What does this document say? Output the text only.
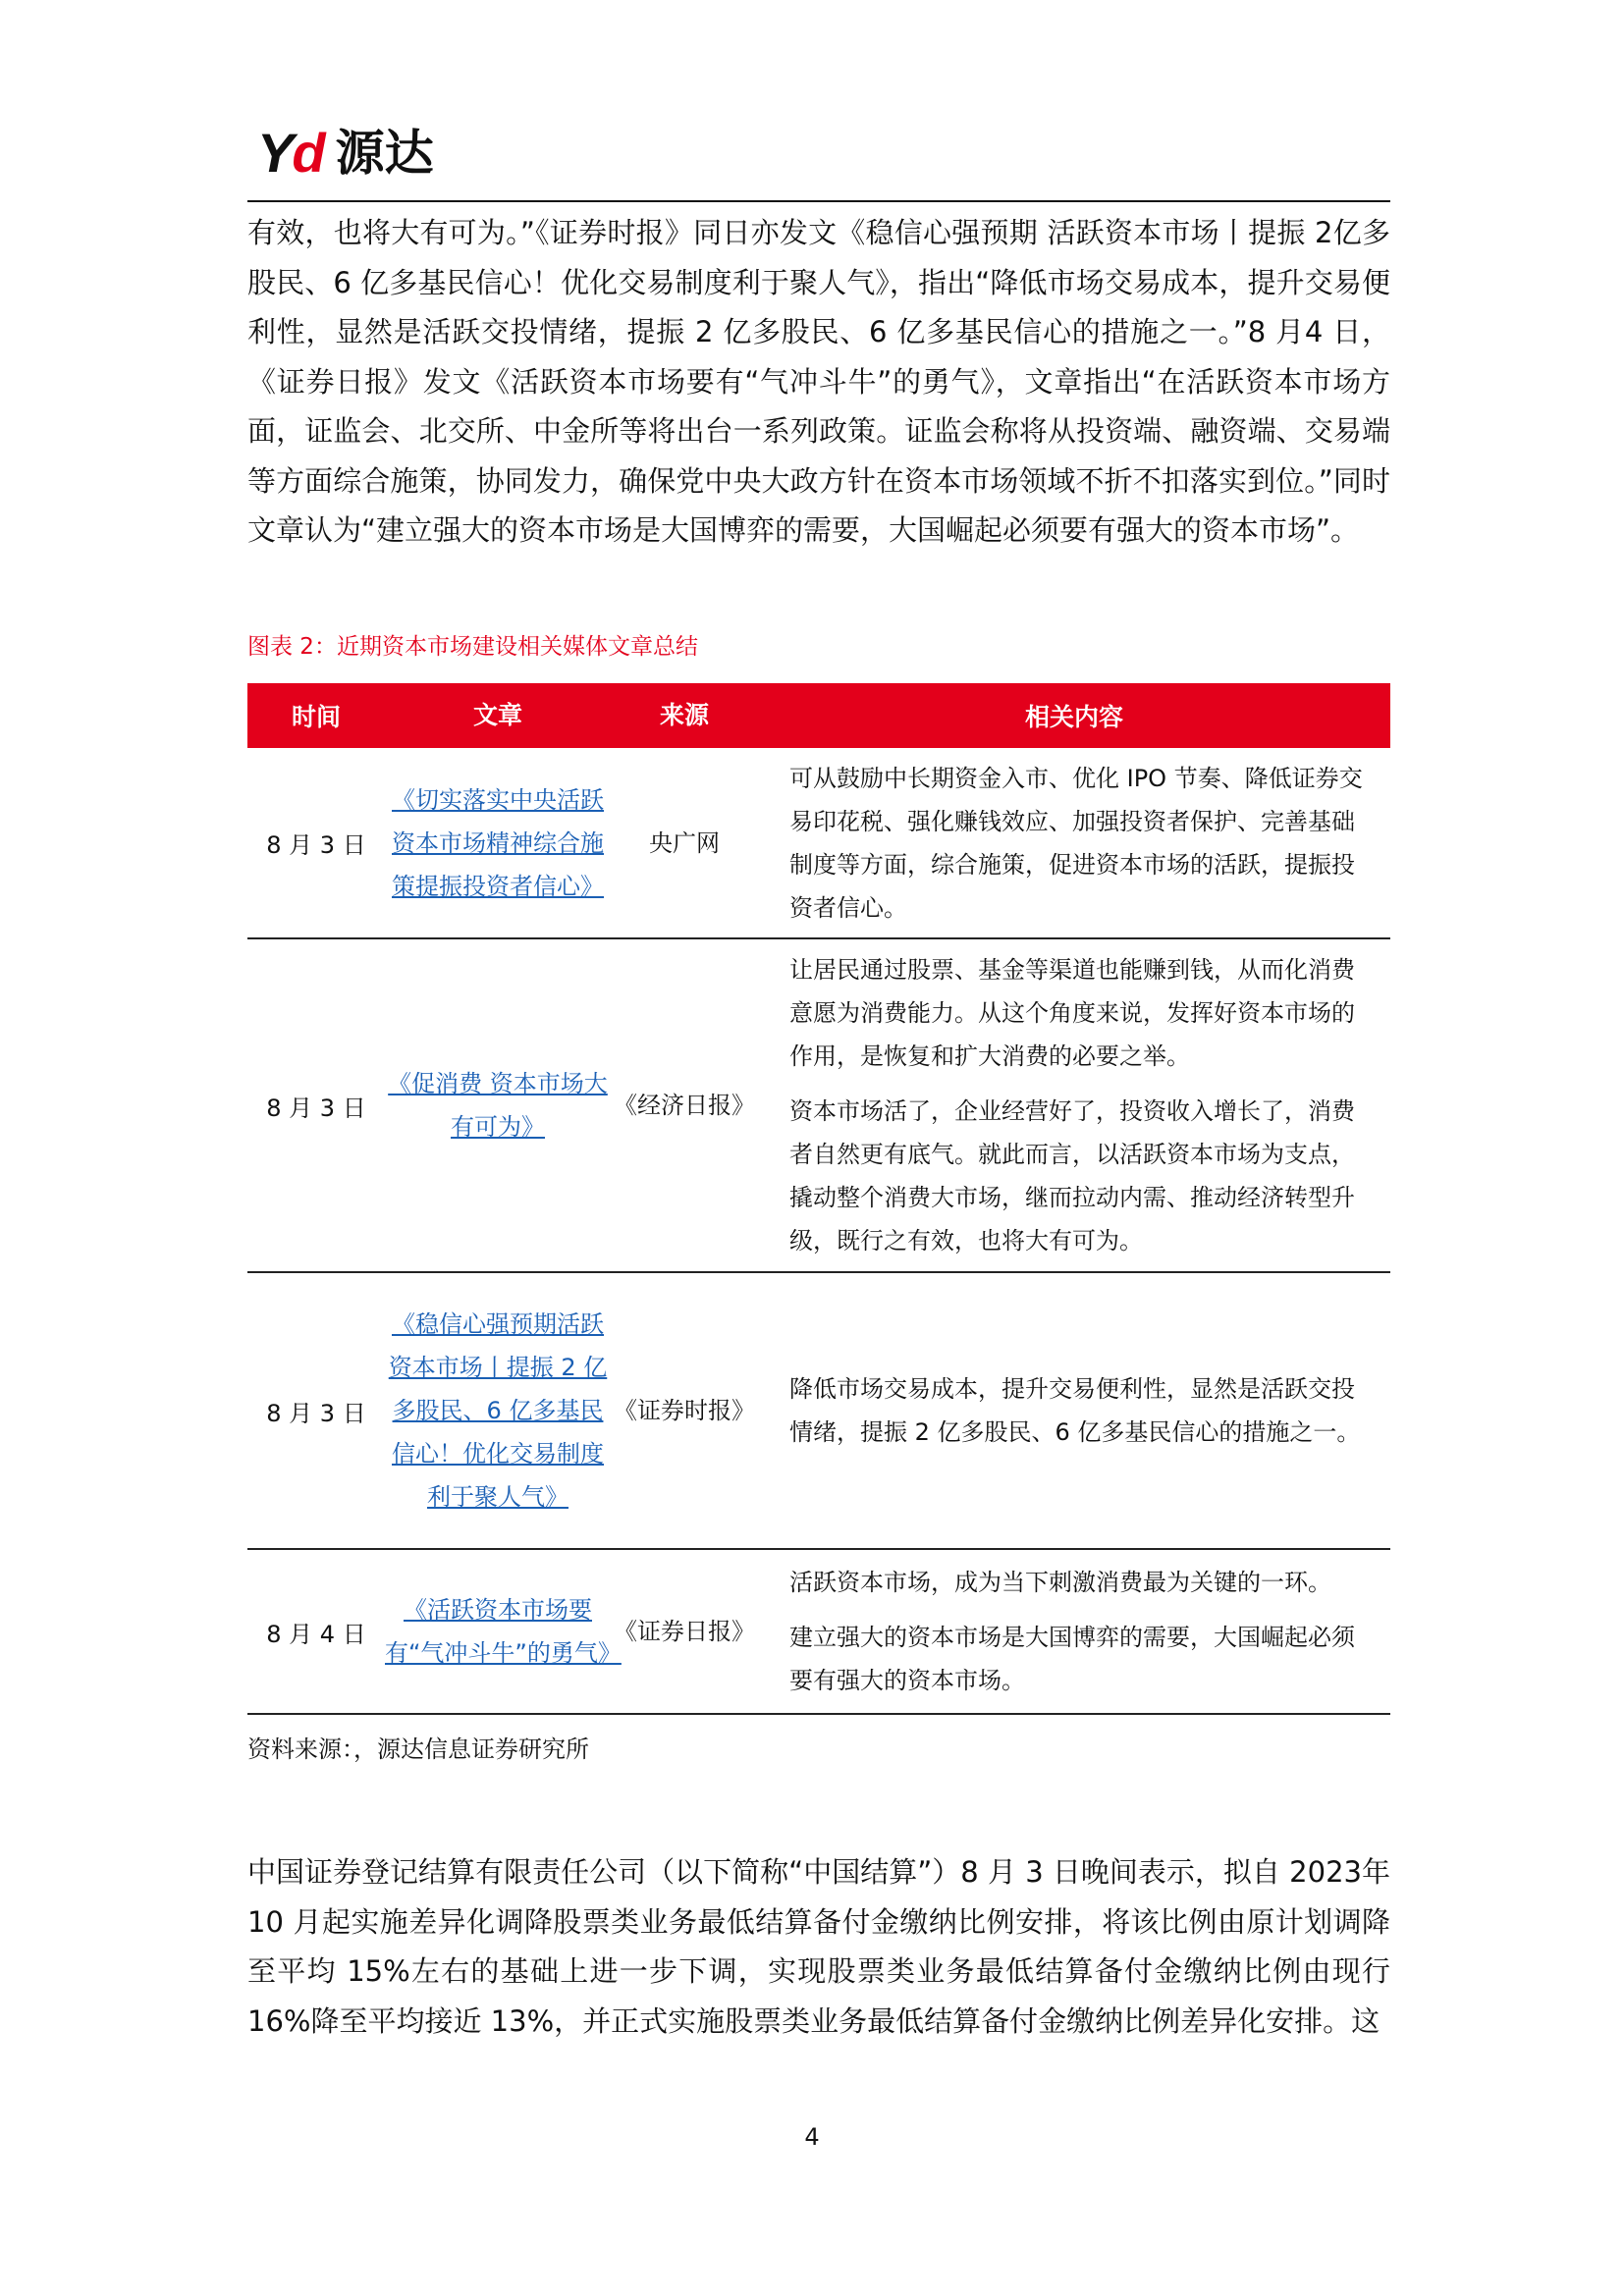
Yd 源达

有效，也将大有可为。”《证券时报》同日亦发文《稳信心强预期 活跃资本市场丨提振 2亿多股民、6 亿多基民信心！优化交易制度利于聚人气》，指出“降低市场交易成本，提升交易便利性，显然是活跃交投情绪，提振 2 亿多股民、6 亿多基民信心的措施之一。”8 月4 日，《证券日报》发文《活跃资本市场要有“气冲斗牛”的勇气》，文章指出“在活跃资本市场方面，证监会、北交所、中金所等将出台一系列政策。证监会称将从投资端、融资端、交易端等方面综合施策，协同发力，确保党中央大政方针在资本市场领域不折不扣落实到位。”同时文章认为“建立强大的资本市场是大国博弈的需要，大国崛起必须要有强大的资本市场”。

图表 2：近期资本市场建设相关媒体文章总结
时间	文章	来源	相关内容
8 月 3 日	《切实落实中央活跃资本市场精神综合施策提振投资者信心》	央广网	可从鼓励中长期资金入市、优化 IPO 节奏、降低证券交易印花税、强化赚钱效应、加强投资者保护、完善基础制度等方面，综合施策，促进资本市场的活跃，提振投资者信心。

8 月 3 日	《促消费 资本市场大有可为》	《经济日报》	让居民通过股票、基金等渠道也能赚到钱，从而化消费意愿为消费能力。从这个角度来说，发挥好资本市场的作用，是恢复和扩大消费的必要之举。

资本市场活了，企业经营好了，投资收入增长了，消费者自然更有底气。就此而言，以活跃资本市场为支点，撬动整个消费大市场，继而拉动内需、推动经济转型升级，既行之有效，也将大有可为。

8 月 3 日	《稳信心强预期活跃资本市场丨提振 2 亿多股民、6 亿多基民信心！优化交易制度利于聚人气》	《证券时报》	降低市场交易成本，提升交易便利性，显然是活跃交投情绪，提振 2 亿多股民、6 亿多基民信心的措施之一。

8 月 4 日	《活跃资本市场要有“气冲斗牛”的勇气》	《证券日报》	活跃资本市场，成为当下刺激消费最为关键的一环。

建立强大的资本市场是大国博弈的需要，大国崛起必须要有强大的资本市场。

资料来源：，源达信息证券研究所

中国证券登记结算有限责任公司（以下简称“中国结算”）8 月 3 日晚间表示，拟自 2023年 10 月起实施差异化调降股票类业务最低结算备付金缴纳比例安排，将该比例由原计划调降至平均 15%左右的基础上进一步下调，实现股票类业务最低结算备付金缴纳比例由现行16%降至平均接近 13%，并正式实施股票类业务最低结算备付金缴纳比例差异化安排。这

4
